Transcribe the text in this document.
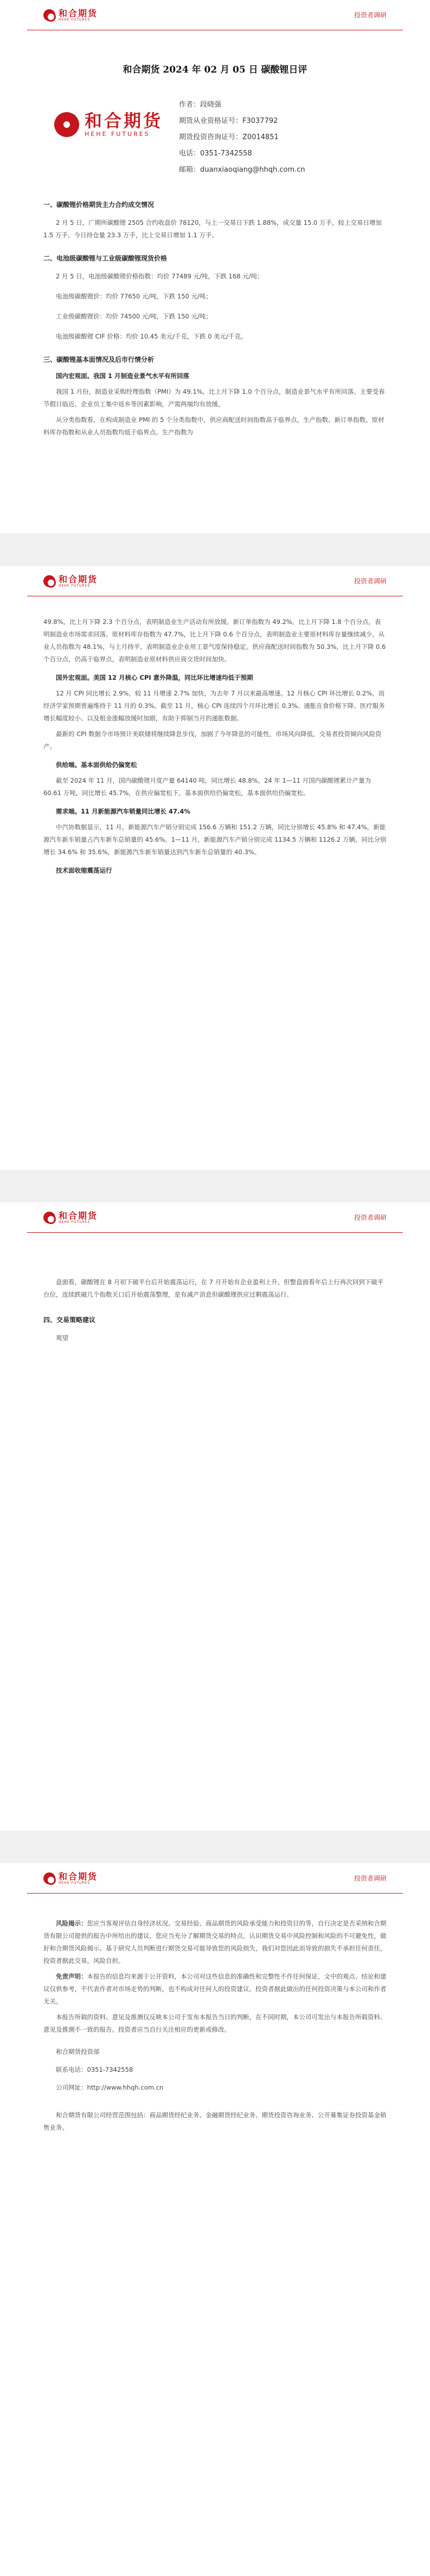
和合期货
HEHE FUTURES
投资者调研
和合期货 2024 年 02 月 05 日 碳酸锂日评
和合期货
HEHE FUTURES
作者：段晓强
期货从业资格证号：F3037792
期货投资咨询证号：Z0014851
电话：0351-7342558
邮箱：duanxiaoqiang@hhqh.com.cn
一、碳酸锂价格期货主力合约成交情况

2 月 5 日，广期所碳酸锂 2505 合约收盘价 78120，与上一交易日下跌 1.88%，成交量 15.0 万手，较上交易日增加 1.5 万手，今日持仓量 23.3 万手，比上交易日增加 1.1 万手。

二、电池级碳酸锂与工业级碳酸锂现货价格

2 月 5 日，电池级碳酸锂价格指数：均价 77489 元/吨，下跌 168 元/吨；

电池级碳酸锂价：均价 77650 元/吨，下跌 150 元/吨；

工业级碳酸锂价：均价 74500 元/吨，下跌 150 元/吨；

电池级碳酸锂 CIF 价格：均价 10.45 美元/千克，下跌 0 美元/千克。

三、碳酸锂基本面情况及后市行情分析
国内宏观面。我国 1 月制造业景气水平有所回落

我国 1 月份，制造业采购经理指数（PMI）为 49.1%，比上月下降 1.0 个百分点，制造业景气水平有所回落。主要受春节假日临近、企业员工集中返乡等因素影响，产需两端均有放缓。

从分类指数看，在构成制造业 PMI 的 5 个分类指数中，供应商配送时间指数高于临界点，生产指数、新订单指数、原材料库存指数和从业人员指数均低于临界点。生产指数为

和合期货
HEHE FUTURES
投资者调研

49.8%，比上月下降 2.3 个百分点，表明制造业生产活动有所放缓。新订单指数为 49.2%，比上月下降 1.8 个百分点，表明制造业市场需求回落。原材料库存指数为 47.7%，比上月下降 0.6 个百分点，表明制造业主要原材料库存量继续减少。从业人员指数为 48.1%，与上月持平，表明制造业企业用工景气度保持稳定。供应商配送时间指数为 50.3%，比上月下降 0.6 个百分点，仍高于临界点，表明制造业原材料供应商交货时间加快。

国外宏观面。美国 12 月核心 CPI 意外降温，同比环比增速均低于预期

12 月 CPI 同比增长 2.9%，较 11 月增速 2.7% 加快，为去年 7 月以来最高增速。12 月核心 CPI 环比增长 0.2%，而经济学家预期普遍维持于 11 月的 0.3%。截至 11 月，核心 CPI 连续四个月环比增长 0.3%。通胀在食价格下降、医疗服务增长幅度较小、以及租金涨幅放缓时加剧，有助于抑制当月的通胀数据。

最新的 CPI 数据令市场预计美联储将继续降息步伐，加剧了今年降息的可能性，市场风向降低，交易者投资倾向风险资产。

供给端。基本面供给仍偏宽松

截至 2024 年 11 月，国内碳酸锂月度产量 64140 吨，同比增长 48.8%，24 年 1—11 月国内碳酸锂累计产量为 60.61 万吨，同比增长 45.7%，在供应偏宽松下，基本面供给仍偏宽松，基本面供给仍偏宽松。

需求端。11 月新能源汽车销量同比增长 47.4%

中汽协数据显示，11 月，新能源汽车产销分别完成 156.6 万辆和 151.2 万辆，同比分别增长 45.8% 和 47.4%，新能源汽车新车销量占汽车新车总销量的 45.6%。1—11 月，新能源汽车产销分别完成 1134.5 万辆和 1126.2 万辆，同比分别增长 34.6% 和 35.6%，新能源汽车新车销量达到汽车新车总销量的 40.3%。

技术面收缩震荡运行
和合期货
HEHE FUTURES
投资者调研

盘面看，碳酸锂在 8 月初下破平台后开始震荡运行，在 7 月开始有企业盈利上升，但整盘面看年后上行再次回到下破平台位，连续跌破几个指数关口后开始震荡整理，是有减产消息但碳酸锂供应过剩震荡运行。

四、交易策略建议

观望

和合期货
HEHE FUTURES
投资者调研

风险揭示：您应当客观评估自身经济状况、交易经验、商品期货的风险承受能力和投资目的等，自行决定是否采纳和合期货有限公司提供的报告中所给出的建议，您应当充分了解期货交易的特点，认识期货交易中风险控制和风险的不可避免性，做好和合期货风险揭示。基于研究人员判断进行期货交易可能导致您的风险损失，我们对您因此而导致的损失不承担任何责任，投资者据此交易，风险自担。

免责声明：本报告的信息均来源于公开资料，本公司对这些信息的准确性和完整性不作任何保证，文中的观点、结论和建议仅供参考，不代表作者对市场走势的判断，也不构成对任何人的投资建议。投资者据此做出的任何投资决策与本公司和作者无关。

本报告所载的资料、意见及推测仅反映本公司于发布本报告当日的判断，在不同时期，本公司可发出与本报告所载资料、意见及推测不一致的报告。投资者应当自行关注相应的更新或修改。

和合期货投资部
联系电话：0351-7342558
公司网址：http://www.hhqh.com.cn

和合期货有限公司经营范围包括：商品期货经纪业务、金融期货经纪业务、期货投资咨询业务、公开募集证券投资基金销售业务。
